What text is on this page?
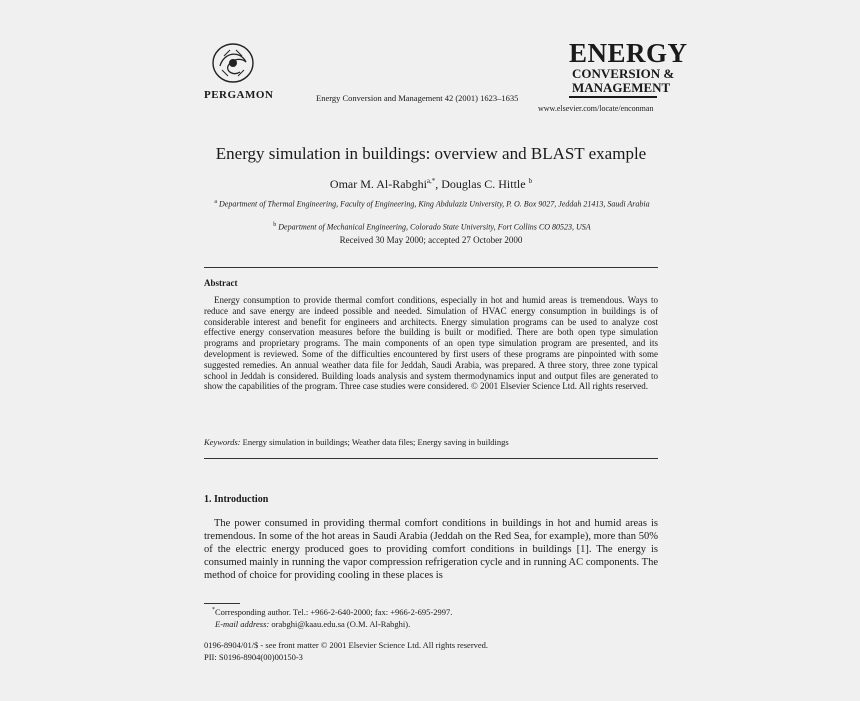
PERGAMON	Energy Conversion and Management 42 (2001) 1623–1635
ENERGY
CONVERSION &
MANAGEMENT
www.elsevier.com/locate/enconman
Energy simulation in buildings: overview and BLAST example
Omar M. Al-Rabghi$^{a,*}$, Douglas C. Hittle $^b$
$^a$ Department of Thermal Engineering, Faculty of Engineering, King Abdulaziz University, P. O. Box 9027, Jeddah 21413, Saudi Arabia
$^b$ Department of Mechanical Engineering, Colorado State University, Fort Collins CO 80523, USA
Received 30 May 2000; accepted 27 October 2000
Abstract
Energy consumption to provide thermal comfort conditions, especially in hot and humid areas is tremendous. Ways to reduce and save energy are indeed possible and needed. Simulation of HVAC energy consumption in buildings is of considerable interest and benefit for engineers and architects. Energy simulation programs can be used to analyze cost effective energy conservation measures before the building is built or modified. There are both open type simulation programs and proprietary programs. The main components of an open type simulation program are presented, and its development is reviewed. Some of the difficulties encountered by first users of these programs are pinpointed with some suggested remedies. An annual weather data file for Jeddah, Saudi Arabia, was prepared. A three story, three zone typical school in Jeddah is considered. Building loads analysis and system thermodynamics input and output files are generated to show the capabilities of the program. Three case studies were considered. © 2001 Elsevier Science Ltd. All rights reserved.
Keywords: Energy simulation in buildings; Weather data files; Energy saving in buildings
1. Introduction
The power consumed in providing thermal comfort conditions in buildings in hot and humid areas is tremendous. In some of the hot areas in Saudi Arabia (Jeddah on the Red Sea, for example), more than 50% of the electric energy produced goes to providing comfort conditions in buildings [1]. The energy is consumed mainly in running the vapor compression refrigeration cycle and in running AC components. The method of choice for providing cooling in these places is
*Corresponding author. Tel.: +966-2-640-2000; fax: +966-2-695-2997.
E-mail address: orabghi@kaau.edu.sa (O.M. Al-Rabghi).
0196-8904/01/$ - see front matter © 2001 Elsevier Science Ltd. All rights reserved.
PII: S0196-8904(00)00150-3
